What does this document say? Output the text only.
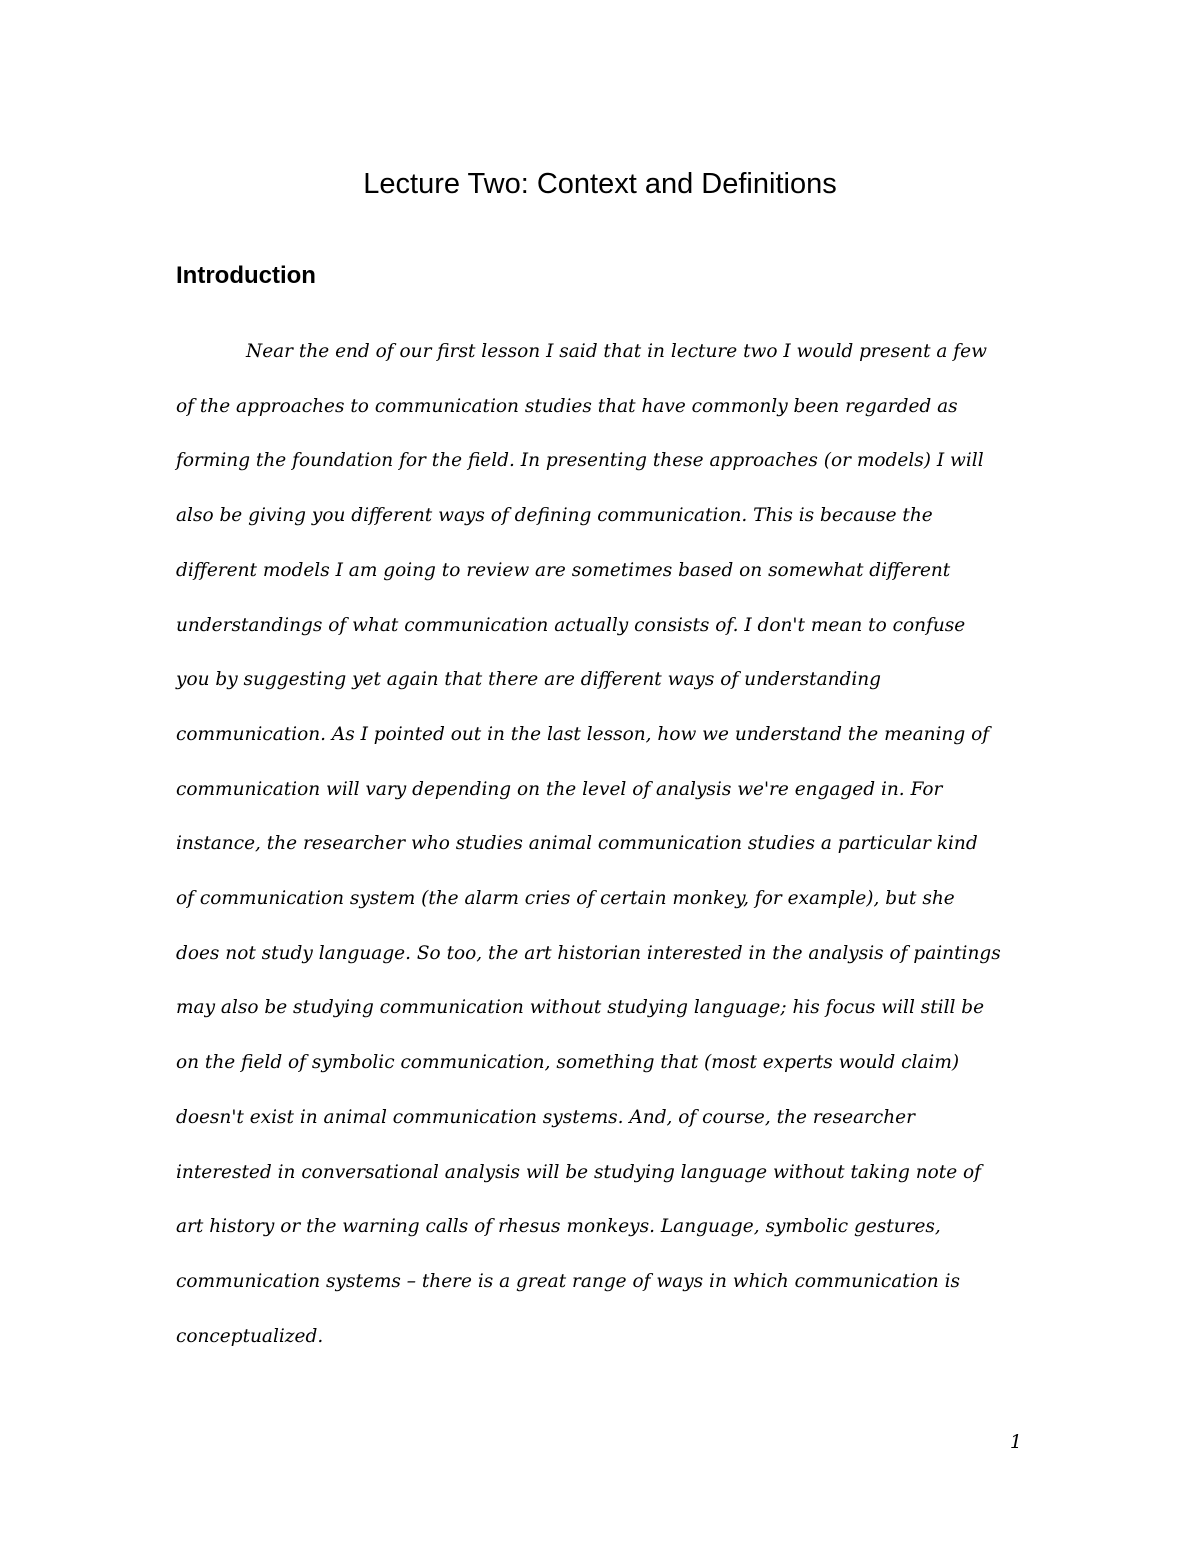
Lecture Two: Context and Definitions
Introduction

Near the end of our first lesson I said that in lecture two I would present a few
of the approaches to communication studies that have commonly been regarded as
forming the foundation for the field. In presenting these approaches (or models) I will
also be giving you different ways of defining communication. This is because the
different models I am going to review are sometimes based on somewhat different
understandings of what communication actually consists of. I don't mean to confuse
you by suggesting yet again that there are different ways of understanding
communication. As I pointed out in the last lesson, how we understand the meaning of
communication will vary depending on the level of analysis we're engaged in. For
instance, the researcher who studies animal communication studies a particular kind
of communication system (the alarm cries of certain monkey, for example), but she
does not study language. So too, the art historian interested in the analysis of paintings
may also be studying communication without studying language; his focus will still be
on the field of symbolic communication, something that (most experts would claim)
doesn't exist in animal communication systems. And, of course, the researcher
interested in conversational analysis will be studying language without taking note of
art history or the warning calls of rhesus monkeys. Language, symbolic gestures,
communication systems – there is a great range of ways in which communication is
conceptualized.

1
